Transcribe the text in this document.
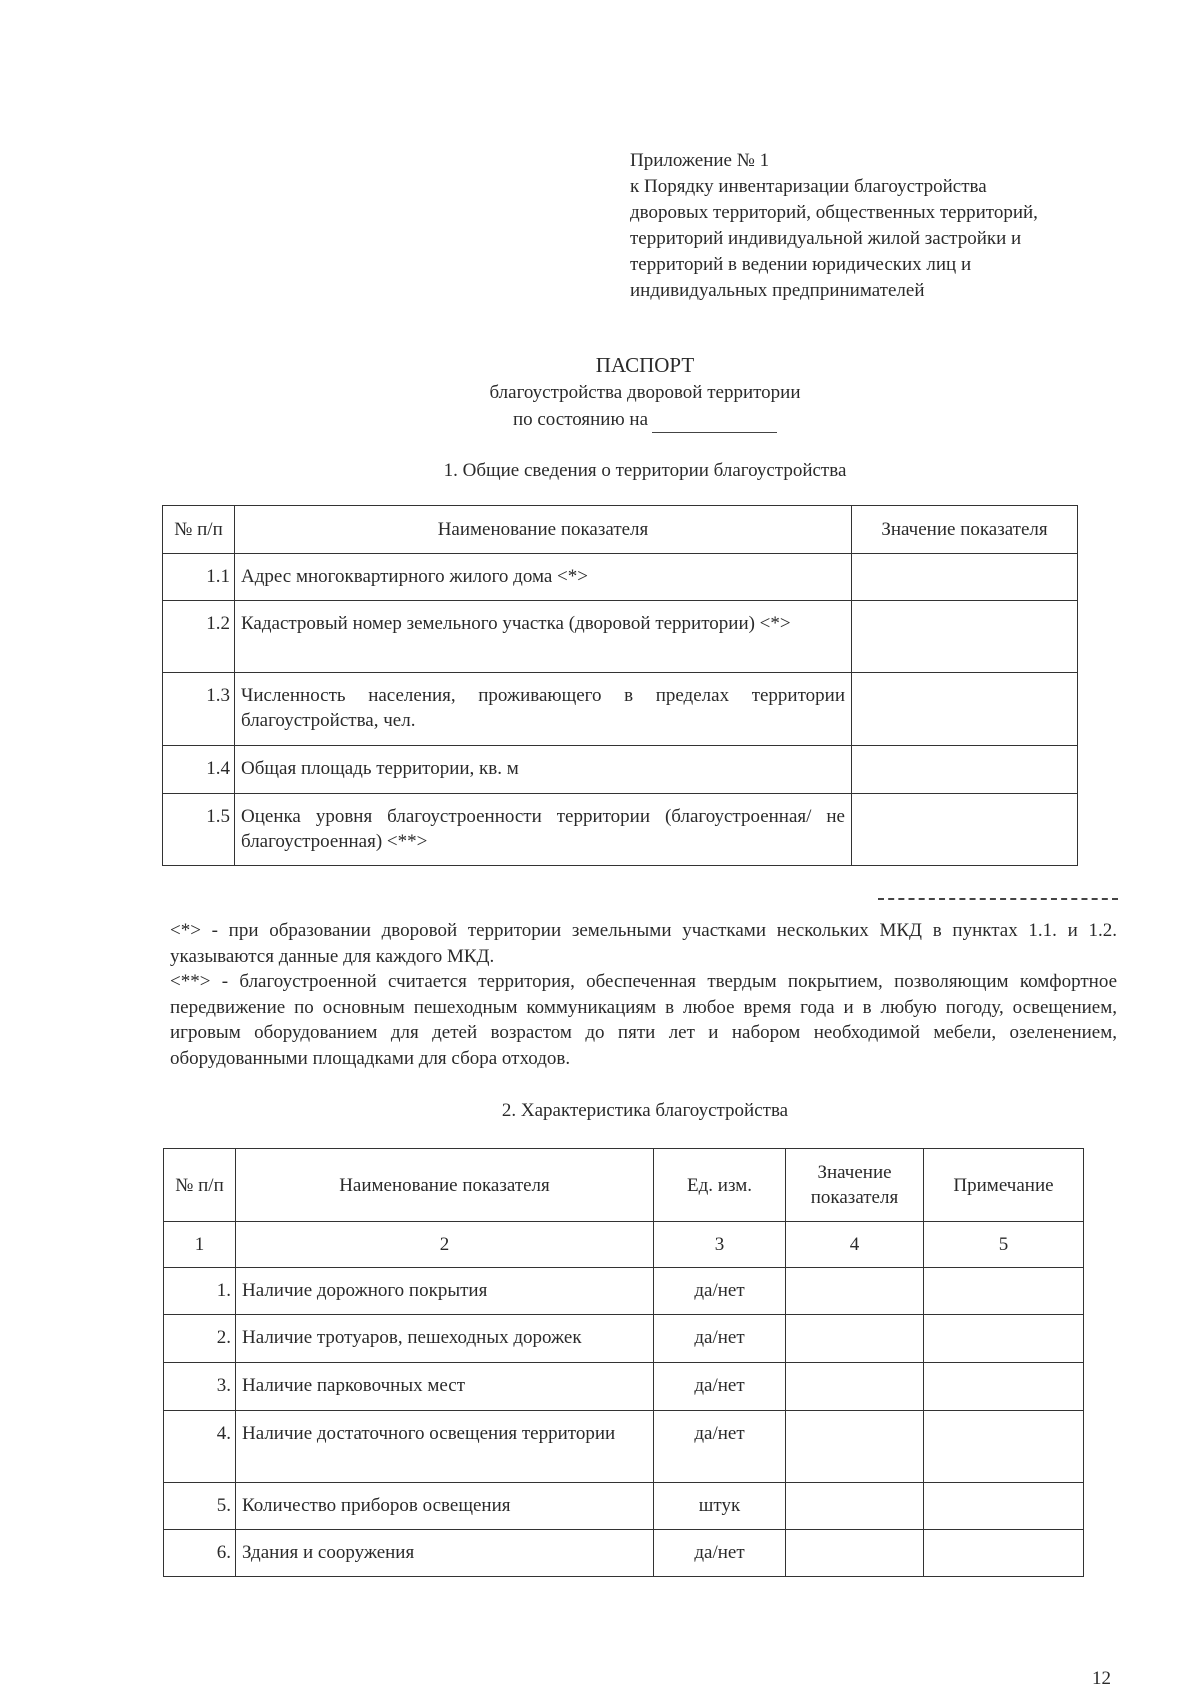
Приложение № 1
к Порядку инвентаризации благоустройства
дворовых территорий, общественных территорий,
территорий индивидуальной жилой застройки и
территорий в ведении юридических лиц и
индивидуальных предпринимателей
ПАСПОРТ
благоустройства дворовой территории
по состоянию на
1. Общие сведения о территории благоустройства
№ п/п	Наименование показателя	Значение показателя
1.1	Адрес многоквартирного жилого дома <*>	
1.2	Кадастровый номер земельного участка (дворовой территории) <*>	
1.3	Численность населения, проживающего в пределах территории благоустройства, чел.	
1.4	Общая площадь территории, кв. м	
1.5	Оценка уровня благоустроенности территории (благоустроенная/ не благоустроенная) <**>	

<*> - при образовании дворовой территории земельными участками нескольких МКД в пунктах 1.1. и 1.2. указываются данные для каждого МКД.

<**> - благоустроенной считается территория, обеспеченная твердым покрытием, позволяющим комфортное передвижение по основным пешеходным коммуникациям в любое время года и в любую погоду, освещением, игровым оборудованием для детей возрастом до пяти лет и набором необходимой мебели, озеленением, оборудованными площадками для сбора отходов.

2. Характеристика благоустройства
№ п/п	Наименование показателя	Ед. изм.	Значение показателя	Примечание
1	2	3	4	5
1.	Наличие дорожного покрытия	да/нет		
2.	Наличие тротуаров, пешеходных дорожек	да/нет		
3.	Наличие парковочных мест	да/нет		
4.	Наличие достаточного освещения территории	да/нет		
5.	Количество приборов освещения	штук		
6.	Здания и сооружения	да/нет		
12
